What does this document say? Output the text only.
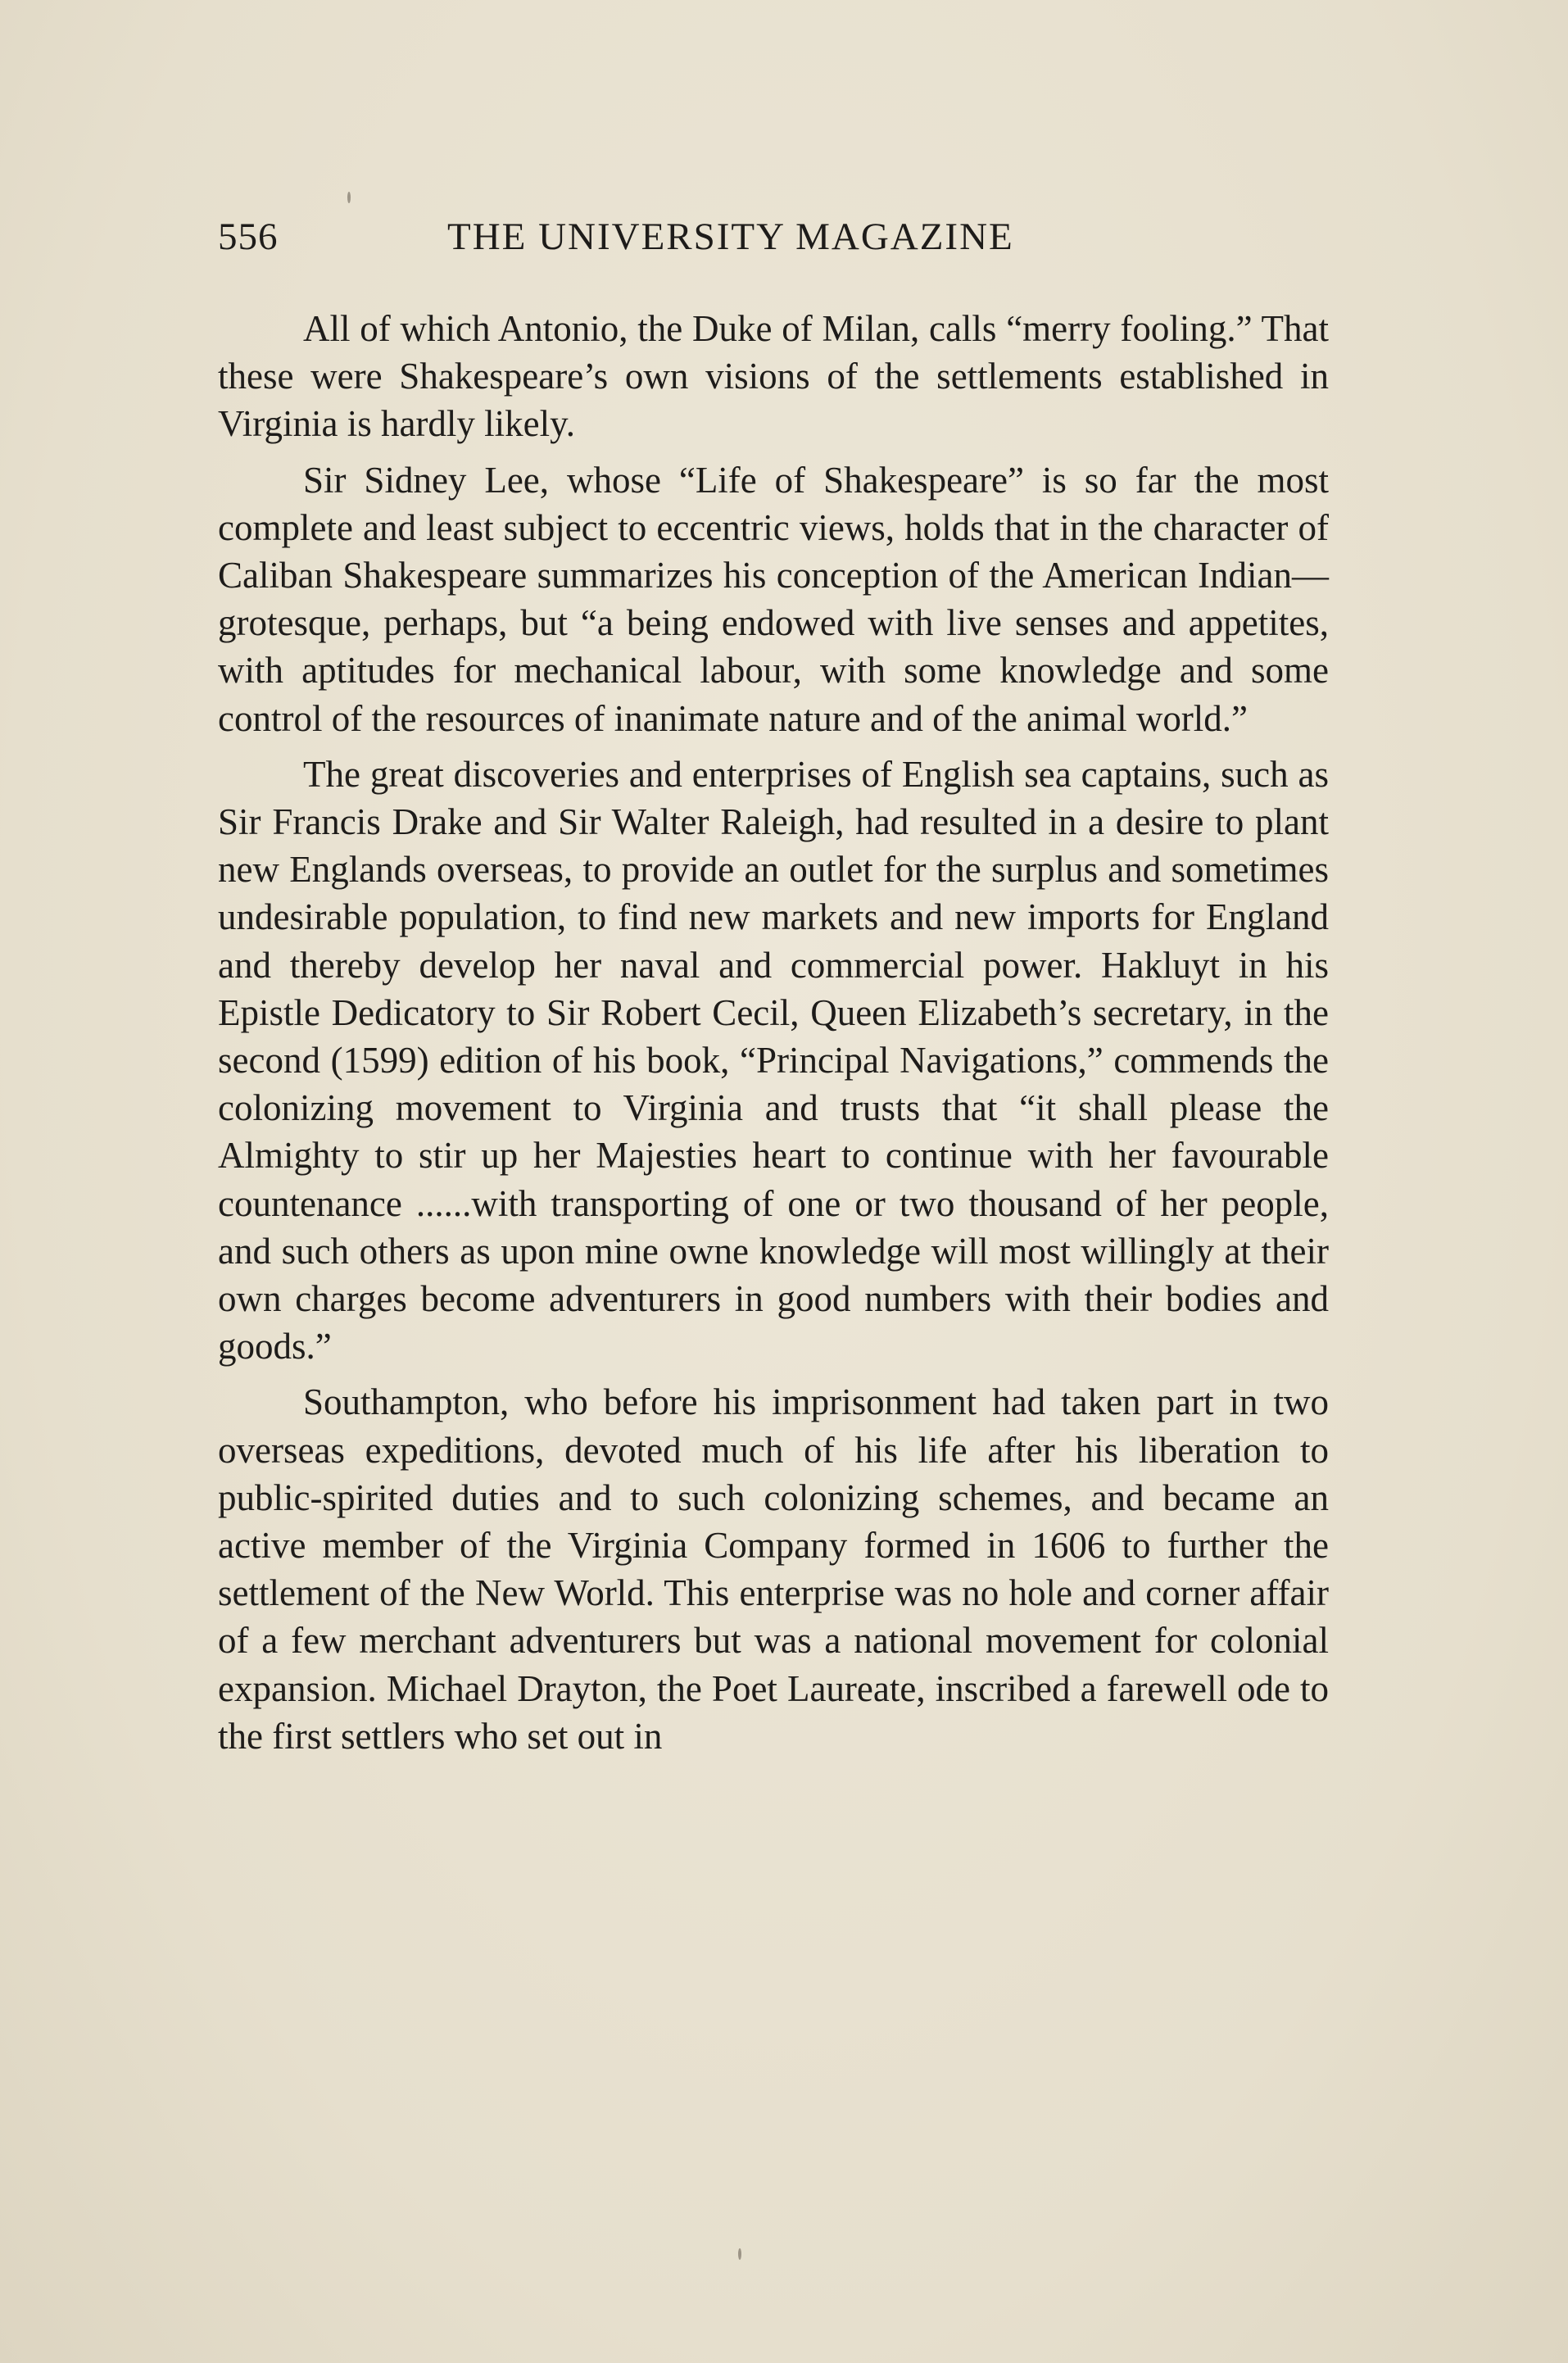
556	THE UNIVERSITY MAGAZINE

All of which Antonio, the Duke of Milan, calls “merry fooling.” That these were Shakespeare’s own visions of the settlements established in Virginia is hardly likely.

Sir Sidney Lee, whose “Life of Shakespeare” is so far the most complete and least subject to eccentric views, holds that in the character of Caliban Shakespeare summarizes his conception of the American Indian—grotesque, perhaps, but “a being endowed with live senses and appetites, with aptitudes for mechanical labour, with some knowledge and some control of the resources of inanimate nature and of the animal world.”

The great discoveries and enterprises of English sea captains, such as Sir Francis Drake and Sir Walter Raleigh, had resulted in a desire to plant new Englands overseas, to provide an outlet for the surplus and sometimes undesirable population, to find new markets and new imports for England and thereby develop her naval and commercial power. Hakluyt in his Epistle Dedicatory to Sir Robert Cecil, Queen Elizabeth’s secretary, in the second (1599) edition of his book, “Principal Navigations,” commends the colonizing movement to Virginia and trusts that “it shall please the Almighty to stir up her Majesties heart to continue with her favourable countenance ......with transporting of one or two thousand of her people, and such others as upon mine owne knowledge will most willingly at their own charges become adventurers in good numbers with their bodies and goods.”

Southampton, who before his imprisonment had taken part in two overseas expeditions, devoted much of his life after his liberation to public-spirited duties and to such colonizing schemes, and became an active member of the Virginia Company formed in 1606 to further the settlement of the New World. This enterprise was no hole and corner affair of a few merchant adventurers but was a national movement for colonial expansion. Michael Drayton, the Poet Laureate, inscribed a farewell ode to the first settlers who set out in
